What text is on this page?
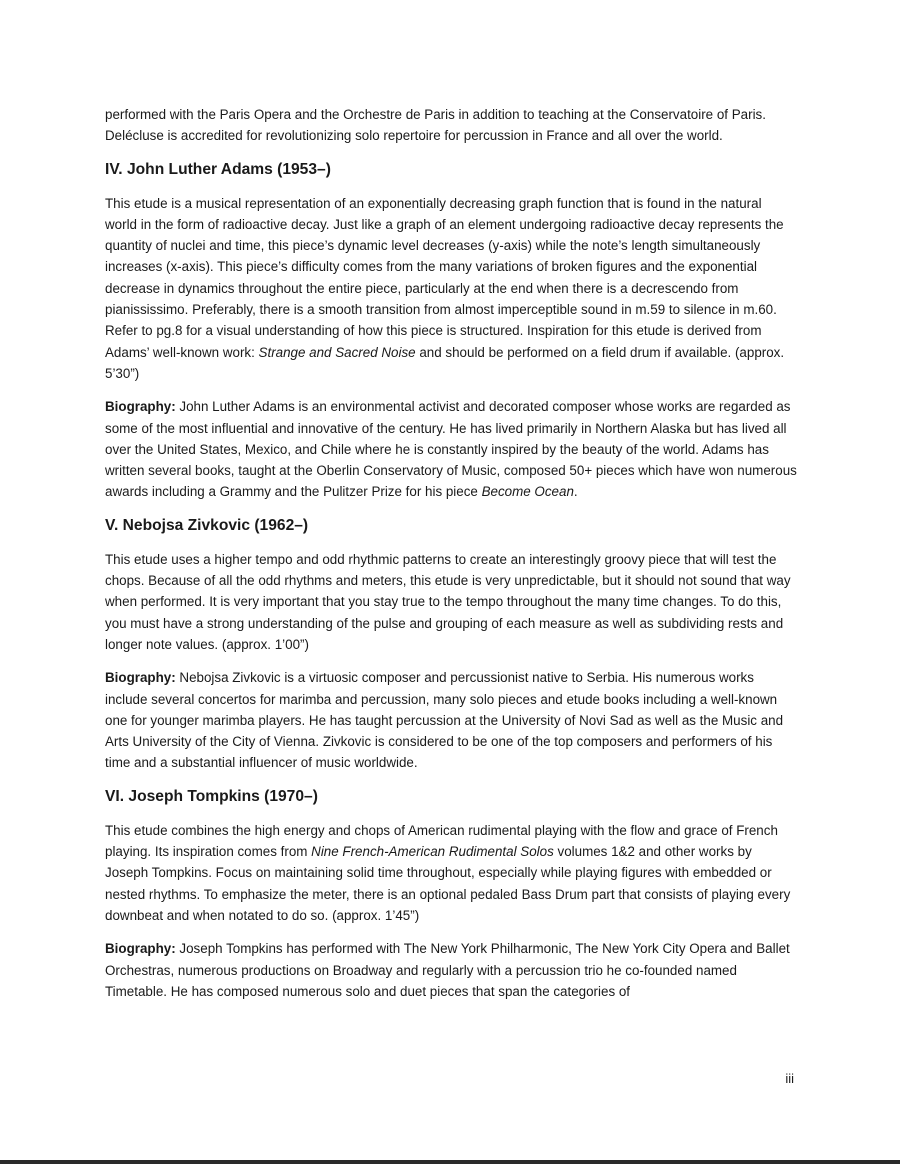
performed with the Paris Opera and the Orchestre de Paris in addition to teaching at the Conservatoire of Paris. Delécluse is accredited for revolutionizing solo repertoire for percussion in France and all over the world.

IV. John Luther Adams (1953–)

This etude is a musical representation of an exponentially decreasing graph function that is found in the natural world in the form of radioactive decay. Just like a graph of an element undergoing radioactive decay represents the quantity of nuclei and time, this piece’s dynamic level decreases (y-axis) while the note’s length simultaneously increases (x-axis). This piece’s difficulty comes from the many variations of broken figures and the exponential decrease in dynamics throughout the entire piece, particularly at the end when there is a decrescendo from pianississimo. Preferably, there is a smooth transition from almost imperceptible sound in m.59 to silence in m.60. Refer to pg.8 for a visual understanding of how this piece is structured. Inspiration for this etude is derived from Adams’ well-known work: Strange and Sacred Noise and should be performed on a field drum if available. (approx. 5’30”)

Biography: John Luther Adams is an environmental activist and decorated composer whose works are regarded as some of the most influential and innovative of the century. He has lived primarily in Northern Alaska but has lived all over the United States, Mexico, and Chile where he is constantly inspired by the beauty of the world. Adams has written several books, taught at the Oberlin Conservatory of Music, composed 50+ pieces which have won numerous awards including a Grammy and the Pulitzer Prize for his piece Become Ocean.

V. Nebojsa Zivkovic (1962–)

This etude uses a higher tempo and odd rhythmic patterns to create an interestingly groovy piece that will test the chops. Because of all the odd rhythms and meters, this etude is very unpredictable, but it should not sound that way when performed. It is very important that you stay true to the tempo throughout the many time changes. To do this, you must have a strong understanding of the pulse and grouping of each measure as well as subdividing rests and longer note values. (approx. 1’00”)

Biography: Nebojsa Zivkovic is a virtuosic composer and percussionist native to Serbia. His numerous works include several concertos for marimba and percussion, many solo pieces and etude books including a well-known one for younger marimba players. He has taught percussion at the University of Novi Sad as well as the Music and Arts University of the City of Vienna. Zivkovic is considered to be one of the top composers and performers of his time and a substantial influencer of music worldwide.

VI. Joseph Tompkins (1970–)

This etude combines the high energy and chops of American rudimental playing with the flow and grace of French playing. Its inspiration comes from Nine French-American Rudimental Solos volumes 1&2 and other works by Joseph Tompkins. Focus on maintaining solid time throughout, especially while playing figures with embedded or nested rhythms. To emphasize the meter, there is an optional pedaled Bass Drum part that consists of playing every downbeat and when notated to do so. (approx. 1’45”)

Biography: Joseph Tompkins has performed with The New York Philharmonic, The New York City Opera and Ballet Orchestras, numerous productions on Broadway and regularly with a percussion trio he co-founded named Timetable. He has composed numerous solo and duet pieces that span the categories of

iii
